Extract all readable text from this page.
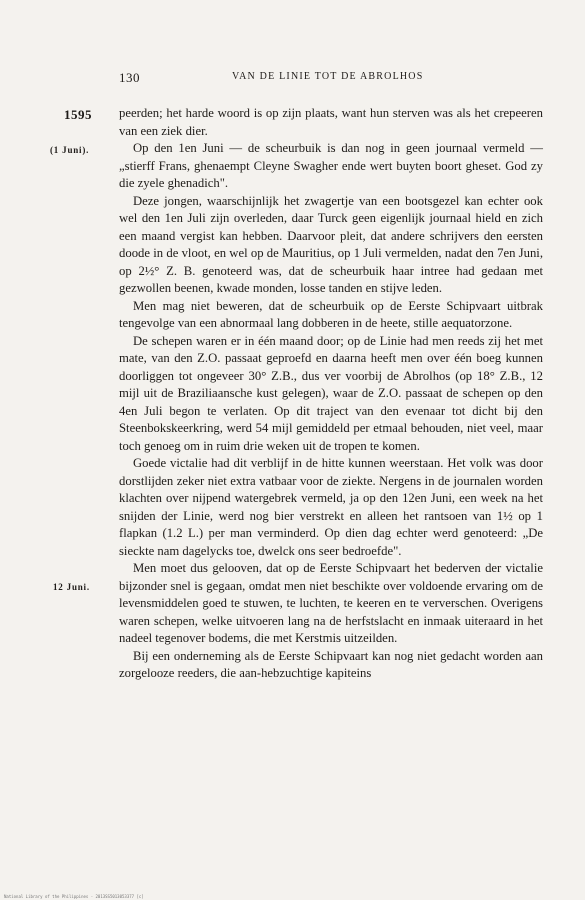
130	VAN DE LINIE TOT DE ABROLHOS
1595
(1 Juni).
12 Juni.

peerden; het harde woord is op zijn plaats, want hun sterven was als het crepeeren van een ziek dier.

Op den 1en Juni — de scheurbuik is dan nog in geen journaal vermeld — „stierff Frans, ghenaempt Cleyne Swagher ende wert buyten boort gheset. God zy die zyele ghenadich".

Deze jongen, waarschijnlijk het zwagertje van een bootsgezel kan echter ook wel den 1en Juli zijn overleden, daar Turck geen eigenlijk journaal hield en zich een maand vergist kan hebben. Daarvoor pleit, dat andere schrijvers den eersten doode in de vloot, en wel op de Mauritius, op 1 Juli vermelden, nadat den 7en Juni, op 2½° Z. B. genoteerd was, dat de scheurbuik haar intree had gedaan met gezwollen beenen, kwade monden, losse tanden en stijve leden.

Men mag niet beweren, dat de scheurbuik op de Eerste Schipvaart uitbrak tengevolge van een abnormaal lang dobberen in de heete, stille aequatorzone.

De schepen waren er in één maand door; op de Linie had men reeds zij het met mate, van den Z.O. passaat geproefd en daarna heeft men over één boeg kunnen doorliggen tot ongeveer 30° Z.B., dus ver voorbij de Abrolhos (op 18° Z.B., 12 mijl uit de Braziliaansche kust gelegen), waar de Z.O. passaat de schepen op den 4en Juli begon te verlaten. Op dit traject van den evenaar tot dicht bij den Steenbokskeerkring, werd 54 mijl gemiddeld per etmaal behouden, niet veel, maar toch genoeg om in ruim drie weken uit de tropen te komen.

Goede victalie had dit verblijf in de hitte kunnen weerstaan. Het volk was door dorstlijden zeker niet extra vatbaar voor de ziekte. Nergens in de journalen worden klachten over nijpend watergebrek vermeld, ja op den 12en Juni, een week na het snijden der Linie, werd nog bier verstrekt en alleen het rantsoen van 1½ op 1 flapkan (1.2 L.) per man verminderd. Op dien dag echter werd genoteerd: „De sieckte nam dagelycks toe, dwelck ons seer bedroefde".

Men moet dus gelooven, dat op de Eerste Schipvaart het bederven der victalie bijzonder snel is gegaan, omdat men niet beschikte over voldoende ervaring om de levensmiddelen goed te stuwen, te luchten, te keeren en te ververschen. Overigens waren schepen, welke uitvoeren lang na de herfstslacht en inmaak uiteraard in het nadeel tegenover bodems, die met Kerstmis uitzeilden.

Bij een onderneming als de Eerste Schipvaart kan nog niet gedacht worden aan zorgelooze reeders, die aan-hebzuchtige kapiteins

National Library of the Philippines · 2013SS5013053377 [c]
